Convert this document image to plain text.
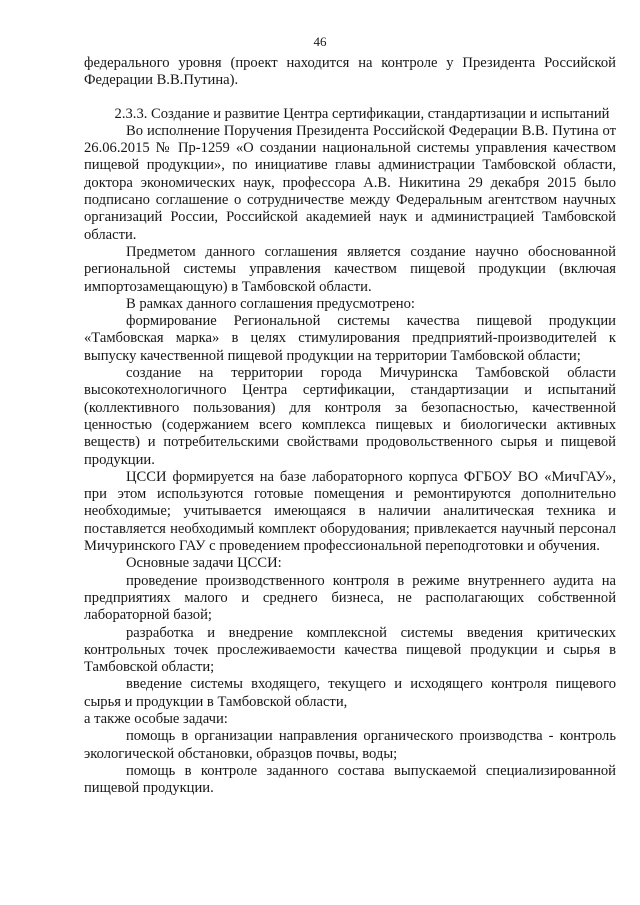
46

федерального уровня (проект находится на контроле у Президента Российской Федерации В.В.Путина).

2.3.3. Создание и развитие Центра сертификации, стандартизации и испытаний

Во исполнение Поручения Президента Российской Федерации В.В. Путина от 26.06.2015 № Пр-1259 «О создании национальной системы управления качеством пищевой продукции», по инициативе главы администрации Тамбовской области, доктора экономических наук, профессора А.В. Никитина 29 декабря 2015 было подписано соглашение о сотрудничестве между Федеральным агентством научных организаций России, Российской академией наук и администрацией Тамбовской области.

Предметом данного соглашения является создание научно обоснованной региональной системы управления качеством пищевой продукции (включая импортозамещающую) в Тамбовской области.

В рамках данного соглашения предусмотрено:

формирование Региональной системы качества пищевой продукции «Тамбовская марка» в целях стимулирования предприятий-производителей к выпуску качественной пищевой продукции на территории Тамбовской области;

создание на территории города Мичуринска Тамбовской области высокотехнологичного Центра сертификации, стандартизации и испытаний (коллективного пользования) для контроля за безопасностью, качественной ценностью (содержанием всего комплекса пищевых и биологически активных веществ) и потребительскими свойствами продовольственного сырья и пищевой продукции.

ЦССИ формируется на базе лабораторного корпуса ФГБОУ ВО «МичГАУ», при этом используются готовые помещения и ремонтируются дополнительно необходимые; учитывается имеющаяся в наличии аналитическая техника и поставляется необходимый комплект оборудования; привлекается научный персонал Мичуринского ГАУ с проведением профессиональной переподготовки и обучения.

Основные задачи ЦССИ:

проведение производственного контроля в режиме внутреннего аудита на предприятиях малого и среднего бизнеса, не располагающих собственной лабораторной базой;

разработка и внедрение комплексной системы введения критических контрольных точек прослеживаемости качества пищевой продукции и сырья в Тамбовской области;

введение системы входящего, текущего и исходящего контроля пищевого сырья и продукции в Тамбовской области,

а также особые задачи:

помощь в организации направления органического производства - контроль экологической обстановки, образцов почвы, воды;

помощь в контроле заданного состава выпускаемой специализированной пищевой продукции.
